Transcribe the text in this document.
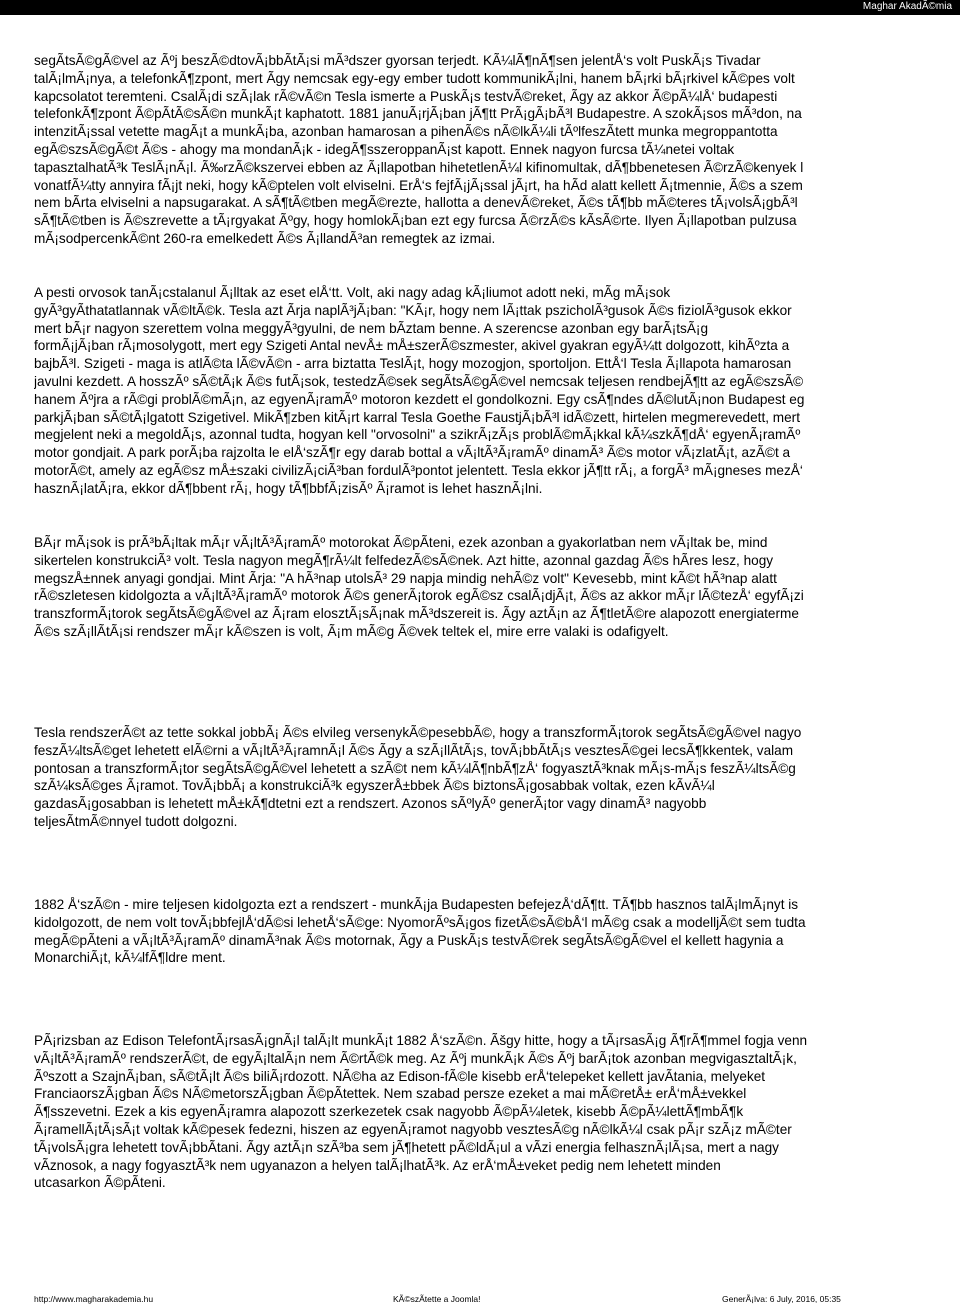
Maghar AkadÃ©mia

segÃtsÃ©gÃ©vel az Ãºj beszÃ©dtovÃ¡bbÃtÃ¡si mÃ³dszer gyorsan terjedt. KÃ¼lÃ¶nÃ¶sen jelentÅ‘s volt PuskÃ¡s Tivadar
talÃ¡lmÃ¡nya, a telefonkÃ¶zpont, mert Ãgy nemcsak egy-egy ember tudott kommunikÃ¡lni, hanem bÃ¡rki bÃ¡rkivel kÃ©pes volt
kapcsolatot teremteni. CsalÃ¡di szÃ¡lak rÃ©vÃ©n Tesla ismerte a PuskÃ¡s testvÃ©reket, Ãgy az akkor Ã©pÃ¼lÅ‘ budapesti
telefonkÃ¶zpont Ã©pÃtÃ©sÃ©n munkÃ¡t kaphatott. 1881 januÃ¡rjÃ¡ban jÃ¶tt PrÃ¡gÃ¡bÃ³l Budapestre. A szokÃ¡sos mÃ³don, na
intenzitÃ¡ssal vetette magÃ¡t a munkÃ¡ba, azonban hamarosan a pihenÃ©s nÃ©lkÃ¼li tÃºlfeszÃtett munka megroppantotta
egÃ©szsÃ©gÃ©t Ã©s - ahogy ma mondanÃ¡k - idegÃ¶sszeroppanÃ¡st kapott. Ennek nagyon furcsa tÃ¼netei voltak
tapasztalhatÃ³k TeslÃ¡nÃ¡l. Ã‰rzÃ©kszervei ebben az Ã¡llapotban hihetetlenÃ¼l kifinomultak, dÃ¶bbenetesen Ã©rzÃ©kenyek l
vonatfÃ¼tty annyira fÃ¡jt neki, hogy kÃ©ptelen volt elviselni. ErÅ‘s fejfÃ¡jÃ¡ssal jÃ¡rt, ha hÃd alatt kellett Ã¡tmennie, Ã©s a szem
nem bÃrta elviselni a napsugarakat. A sÃ¶tÃ©tben megÃ©rezte, hallotta a denevÃ©reket, Ã©s tÃ¶bb mÃ©teres tÃ¡volsÃ¡gbÃ³l
sÃ¶tÃ©tben is Ã©szrevette a tÃ¡rgyakat Ãºgy, hogy homlokÃ¡ban ezt egy furcsa Ã©rzÃ©s kÃsÃ©rte. Ilyen Ã¡llapotban pulzusa
mÃ¡sodpercenkÃ©nt 260-ra emelkedett Ã©s Ã¡llandÃ³an remegtek az izmai.

A pesti orvosok tanÃ¡cstalanul Ã¡lltak az eset elÅ‘tt. Volt, aki nagy adag kÃ¡liumot adott neki, mÃg mÃ¡sok
gyÃ³gyÃthatatlannak vÃ©ltÃ©k. Tesla azt Ãrja naplÃ³jÃ¡ban: "KÃ¡r, hogy nem lÃ¡ttak pszicholÃ³gusok Ã©s fiziolÃ³gusok ekkor
mert bÃ¡r nagyon szerettem volna meggyÃ³gyulni, de nem bÃztam benne. A szerencse azonban egy barÃ¡tsÃ¡g
formÃ¡jÃ¡ban rÃ¡mosolygott, mert egy Szigeti Antal nevÅ± mÅ±szerÃ©szmester, akivel gyakran egyÃ¼tt dolgozott, kihÃºzta a
bajbÃ³l. Szigeti - maga is atlÃ©ta lÃ©vÃ©n - arra biztatta TeslÃ¡t, hogy mozogjon, sportoljon. EttÅ‘l Tesla Ã¡llapota hamarosan
javulni kezdett. A hosszÃº sÃ©tÃ¡k Ã©s futÃ¡sok, testedzÃ©sek segÃtsÃ©gÃ©vel nemcsak teljesen rendbejÃ¶tt az egÃ©szsÃ©
hanem Ãºjra a rÃ©gi problÃ©mÃ¡n, az egyenÃ¡ramÃº motoron kezdett el gondolkozni. Egy csÃ¶ndes dÃ©lutÃ¡non Budapest eg
parkjÃ¡ban sÃ©tÃ¡lgatott Szigetivel. MikÃ¶zben kitÃ¡rt karral Tesla Goethe FaustjÃ¡bÃ³l idÃ©zett, hirtelen megmerevedett, mert
megjelent neki a megoldÃ¡s, azonnal tudta, hogyan kell "orvosolni" a szikrÃ¡zÃ¡s problÃ©mÃ¡kkal kÃ¼szkÃ¶dÅ‘ egyenÃ¡ramÃº
motor gondjait. A park porÃ¡ba rajzolta le elÅ‘szÃ¶r egy darab bottal a vÃ¡ltÃ³Ã¡ramÃº dinamÃ³ Ã©s motor vÃ¡zlatÃ¡t, azÃ©t a
motorÃ©t, amely az egÃ©sz mÅ±szaki civilizÃ¡ciÃ³ban fordulÃ³pontot jelentett. Tesla ekkor jÃ¶tt rÃ¡, a forgÃ³ mÃ¡gneses mezÅ‘
hasznÃ¡latÃ¡ra, ekkor dÃ¶bbent rÃ¡, hogy tÃ¶bbfÃ¡zisÃº Ã¡ramot is lehet hasznÃ¡lni.

BÃ¡r mÃ¡sok is prÃ³bÃ¡ltak mÃ¡r vÃ¡ltÃ³Ã¡ramÃº motorokat Ã©pÃteni, ezek azonban a gyakorlatban nem vÃ¡ltak be, mind
sikertelen konstrukciÃ³ volt. Tesla nagyon megÃ¶rÃ¼lt felfedezÃ©sÃ©nek. Azt hitte, azonnal gazdag Ã©s hÃres lesz, hogy
megszÅ±nnek anyagi gondjai. Mint Ãrja: "A hÃ³nap utolsÃ³ 29 napja mindig nehÃ©z volt" Kevesebb, mint kÃ©t hÃ³nap alatt
rÃ©szletesen kidolgozta a vÃ¡ltÃ³Ã¡ramÃº motorok Ã©s generÃ¡torok egÃ©sz csalÃ¡djÃ¡t, Ã©s az akkor mÃ¡r lÃ©tezÅ‘ egyfÃ¡zi
transzformÃ¡torok segÃtsÃ©gÃ©vel az Ã¡ram elosztÃ¡sÃ¡nak mÃ³dszereit is. Ãgy aztÃ¡n az Ã¶tletÃ©re alapozott energiaterme
Ã©s szÃ¡llÃtÃ¡si rendszer mÃ¡r kÃ©szen is volt, Ã¡m mÃ©g Ã©vek teltek el, mire erre valaki is odafigyelt.

Tesla rendszerÃ©t az tette sokkal jobbÃ¡ Ã©s elvileg versenykÃ©pesebbÃ©, hogy a transzformÃ¡torok segÃtsÃ©gÃ©vel nagyo
feszÃ¼ltsÃ©get lehetett elÃ©rni a vÃ¡ltÃ³Ã¡ramnÃ¡l Ã©s Ãgy a szÃ¡llÃtÃ¡s, tovÃ¡bbÃtÃ¡s vesztesÃ©gei lecsÃ¶kkentek, valam
pontosan a transzformÃ¡tor segÃtsÃ©gÃ©vel lehetett a szÃ©t nem kÃ¼lÃ¶nbÃ¶zÅ‘ fogyasztÃ³knak mÃ¡s-mÃ¡s feszÃ¼ltsÃ©g
szÃ¼ksÃ©ges Ã¡ramot. TovÃ¡bbÃ¡ a konstrukciÃ³k egyszerÅ±bbek Ã©s biztonsÃ¡gosabbak voltak, ezen kÃvÃ¼l
gazdasÃ¡gosabban is lehetett mÅ±kÃ¶dtetni ezt a rendszert. Azonos sÃºlyÃº generÃ¡tor vagy dinamÃ³ nagyobb
teljesÃtmÃ©nnyel tudott dolgozni.

1882 Å‘szÃ©n - mire teljesen kidolgozta ezt a rendszert - munkÃ¡ja Budapesten befejezÅ‘dÃ¶tt. TÃ¶bb hasznos talÃ¡lmÃ¡nyt is
kidolgozott, de nem volt tovÃ¡bbfejlÅ‘dÃ©si lehetÅ‘sÃ©ge: NyomorÃºsÃ¡gos fizetÃ©sÃ©bÅ‘l mÃ©g csak a modelljÃ©t sem tudta
megÃ©pÃteni a vÃ¡ltÃ³Ã¡ramÃº dinamÃ³nak Ã©s motornak, Ãgy a PuskÃ¡s testvÃ©rek segÃtsÃ©gÃ©vel el kellett hagynia a
MonarchiÃ¡t, kÃ¼lfÃ¶ldre ment.

PÃ¡rizsban az Edison TelefontÃ¡rsasÃ¡gnÃ¡l talÃ¡lt munkÃ¡t 1882 Å‘szÃ©n. Ãšgy hitte, hogy a tÃ¡rsasÃ¡g Ã¶rÃ¶mmel fogja venn
vÃ¡ltÃ³Ã¡ramÃº rendszerÃ©t, de egyÃ¡ltalÃ¡n nem Ã©rtÃ©k meg. Az Ãºj munkÃ¡k Ã©s Ãºj barÃ¡tok azonban megvigasztaltÃ¡k,
Ãºszott a SzajnÃ¡ban, sÃ©tÃ¡lt Ã©s biliÃ¡rdozott. NÃ©ha az Edison-fÃ©le kisebb erÅ‘telepeket kellett javÃtania, melyeket
FranciaorszÃ¡gban Ã©s NÃ©metorszÃ¡gban Ã©pÃtettek. Nem szabad persze ezeket a mai mÃ©retÅ± erÅ‘mÅ±vekkel
Ã¶sszevetni. Ezek a kis egyenÃ¡ramra alapozott szerkezetek csak nagyobb Ã©pÃ¼letek, kisebb Ã©pÃ¼lettÃ¶mbÃ¶k
Ã¡ramellÃ¡tÃ¡sÃ¡t voltak kÃ©pesek fedezni, hiszen az egyenÃ¡ramot nagyobb vesztesÃ©g nÃ©lkÃ¼l csak pÃ¡r szÃ¡z mÃ©ter
tÃ¡volsÃ¡gra lehetett tovÃ¡bbÃtani. Ãgy aztÃ¡n szÃ³ba sem jÃ¶hetett pÃ©ldÃ¡ul a vÃzi energia felhasznÃ¡lÃ¡sa, mert a nagy
vÃznosok, a nagy fogyasztÃ³k nem ugyanazon a helyen talÃ¡lhatÃ³k. Az erÅ‘mÅ±veket pedig nem lehetett minden
utcasarkon Ã©pÃteni.

http://www.magharakademia.hu	KÃ©szÃtette a Joomla!	GenerÃ¡lva: 6 July, 2016, 05:35
